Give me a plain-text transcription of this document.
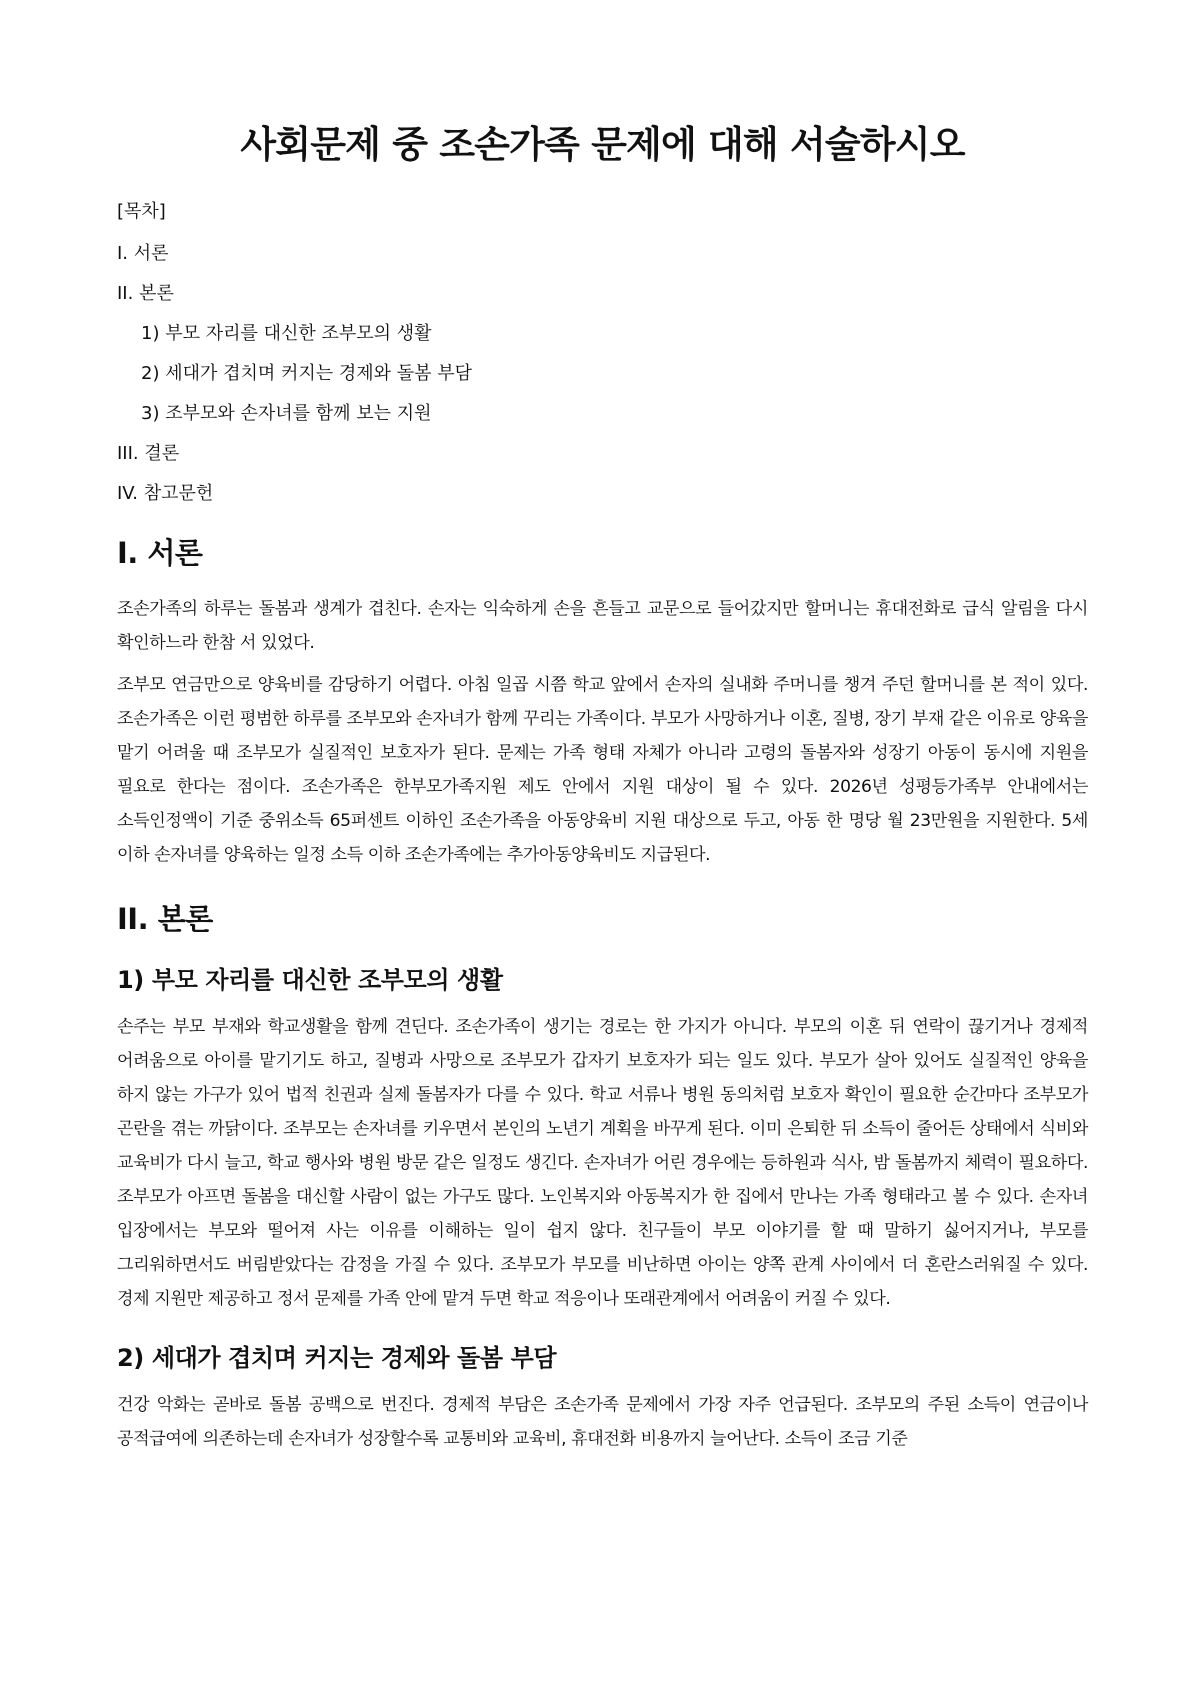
사회문제 중 조손가족 문제에 대해 서술하시오
[목차]
I. 서론
II. 본론
1) 부모 자리를 대신한 조부모의 생활
2) 세대가 겹치며 커지는 경제와 돌봄 부담
3) 조부모와 손자녀를 함께 보는 지원
III. 결론
IV. 참고문헌
I. 서론

조손가족의 하루는 돌봄과 생계가 겹친다. 손자는 익숙하게 손을 흔들고 교문으로 들어갔지만 할머니는 휴대전화로 급식 알림을 다시 확인하느라 한참 서 있었다.

조부모 연금만으로 양육비를 감당하기 어렵다. 아침 일곱 시쯤 학교 앞에서 손자의 실내화 주머니를 챙겨 주던 할머니를 본 적이 있다. 조손가족은 이런 평범한 하루를 조부모와 손자녀가 함께 꾸리는 가족이다. 부모가 사망하거나 이혼, 질병, 장기 부재 같은 이유로 양육을 맡기 어려울 때 조부모가 실질적인 보호자가 된다. 문제는 가족 형태 자체가 아니라 고령의 돌봄자와 성장기 아동이 동시에 지원을 필요로 한다는 점이다. 조손가족은 한부모가족지원 제도 안에서 지원 대상이 될 수 있다. 2026년 성평등가족부 안내에서는 소득인정액이 기준 중위소득 65퍼센트 이하인 조손가족을 아동양육비 지원 대상으로 두고, 아동 한 명당 월 23만원을 지원한다. 5세 이하 손자녀를 양육하는 일정 소득 이하 조손가족에는 추가아동양육비도 지급된다.

II. 본론
1) 부모 자리를 대신한 조부모의 생활

손주는 부모 부재와 학교생활을 함께 견딘다. 조손가족이 생기는 경로는 한 가지가 아니다. 부모의 이혼 뒤 연락이 끊기거나 경제적 어려움으로 아이를 맡기기도 하고, 질병과 사망으로 조부모가 갑자기 보호자가 되는 일도 있다. 부모가 살아 있어도 실질적인 양육을 하지 않는 가구가 있어 법적 친권과 실제 돌봄자가 다를 수 있다. 학교 서류나 병원 동의처럼 보호자 확인이 필요한 순간마다 조부모가 곤란을 겪는 까닭이다. 조부모는 손자녀를 키우면서 본인의 노년기 계획을 바꾸게 된다. 이미 은퇴한 뒤 소득이 줄어든 상태에서 식비와 교육비가 다시 늘고, 학교 행사와 병원 방문 같은 일정도 생긴다. 손자녀가 어린 경우에는 등하원과 식사, 밤 돌봄까지 체력이 필요하다. 조부모가 아프면 돌봄을 대신할 사람이 없는 가구도 많다. 노인복지와 아동복지가 한 집에서 만나는 가족 형태라고 볼 수 있다. 손자녀 입장에서는 부모와 떨어져 사는 이유를 이해하는 일이 쉽지 않다. 친구들이 부모 이야기를 할 때 말하기 싫어지거나, 부모를 그리워하면서도 버림받았다는 감정을 가질 수 있다. 조부모가 부모를 비난하면 아이는 양쪽 관계 사이에서 더 혼란스러워질 수 있다. 경제 지원만 제공하고 정서 문제를 가족 안에 맡겨 두면 학교 적응이나 또래관계에서 어려움이 커질 수 있다.

2) 세대가 겹치며 커지는 경제와 돌봄 부담

건강 악화는 곧바로 돌봄 공백으로 번진다. 경제적 부담은 조손가족 문제에서 가장 자주 언급된다. 조부모의 주된 소득이 연금이나 공적급여에 의존하는데 손자녀가 성장할수록 교통비와 교육비, 휴대전화 비용까지 늘어난다. 소득이 조금 기준
